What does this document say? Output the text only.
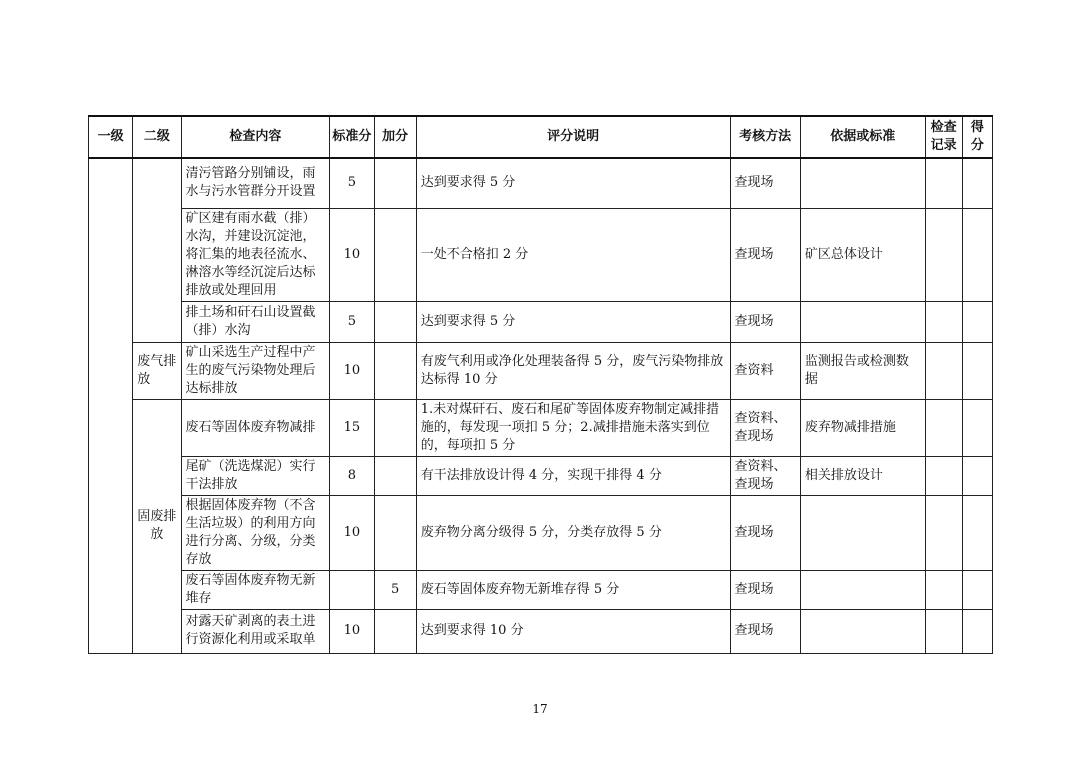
一级	二级	检查内容	标准分	加分	评分说明	考核方法	依据或标准	检查记录	得分
		清污管路分别铺设，雨水与污水管群分开设置	5		达到要求得 5 分	查现场			
		矿区建有雨水截（排）水沟，并建设沉淀池，将汇集的地表径流水、淋溶水等经沉淀后达标排放或处理回用	10		一处不合格扣 2 分	查现场	矿区总体设计		
		排土场和矸石山设置截（排）水沟	5		达到要求得 5 分	查现场			
	废气排放	矿山采选生产过程中产生的废气污染物处理后达标排放	10		有废气利用或净化处理装备得 5 分，废气污染物排放达标得 10 分	查资料	监测报告或检测数据		
	固废排放	废石等固体废弃物减排	15		1.未对煤矸石、废石和尾矿等固体废弃物制定减排措施的，每发现一项扣 5 分；2.减排措施未落实到位的，每项扣 5 分	查资料、查现场	废弃物减排措施		
		尾矿（洗选煤泥）实行干法排放	8		有干法排放设计得 4 分，实现干排得 4 分	查资料、查现场	相关排放设计		
		根据固体废弃物（不含生活垃圾）的利用方向进行分离、分级，分类存放	10		废弃物分离分级得 5 分，分类存放得 5 分	查现场			
		废石等固体废弃物无新堆存		5	废石等固体废弃物无新堆存得 5 分	查现场			
		对露天矿剥离的表土进行资源化利用或采取单	10		达到要求得 10 分	查现场			
17
